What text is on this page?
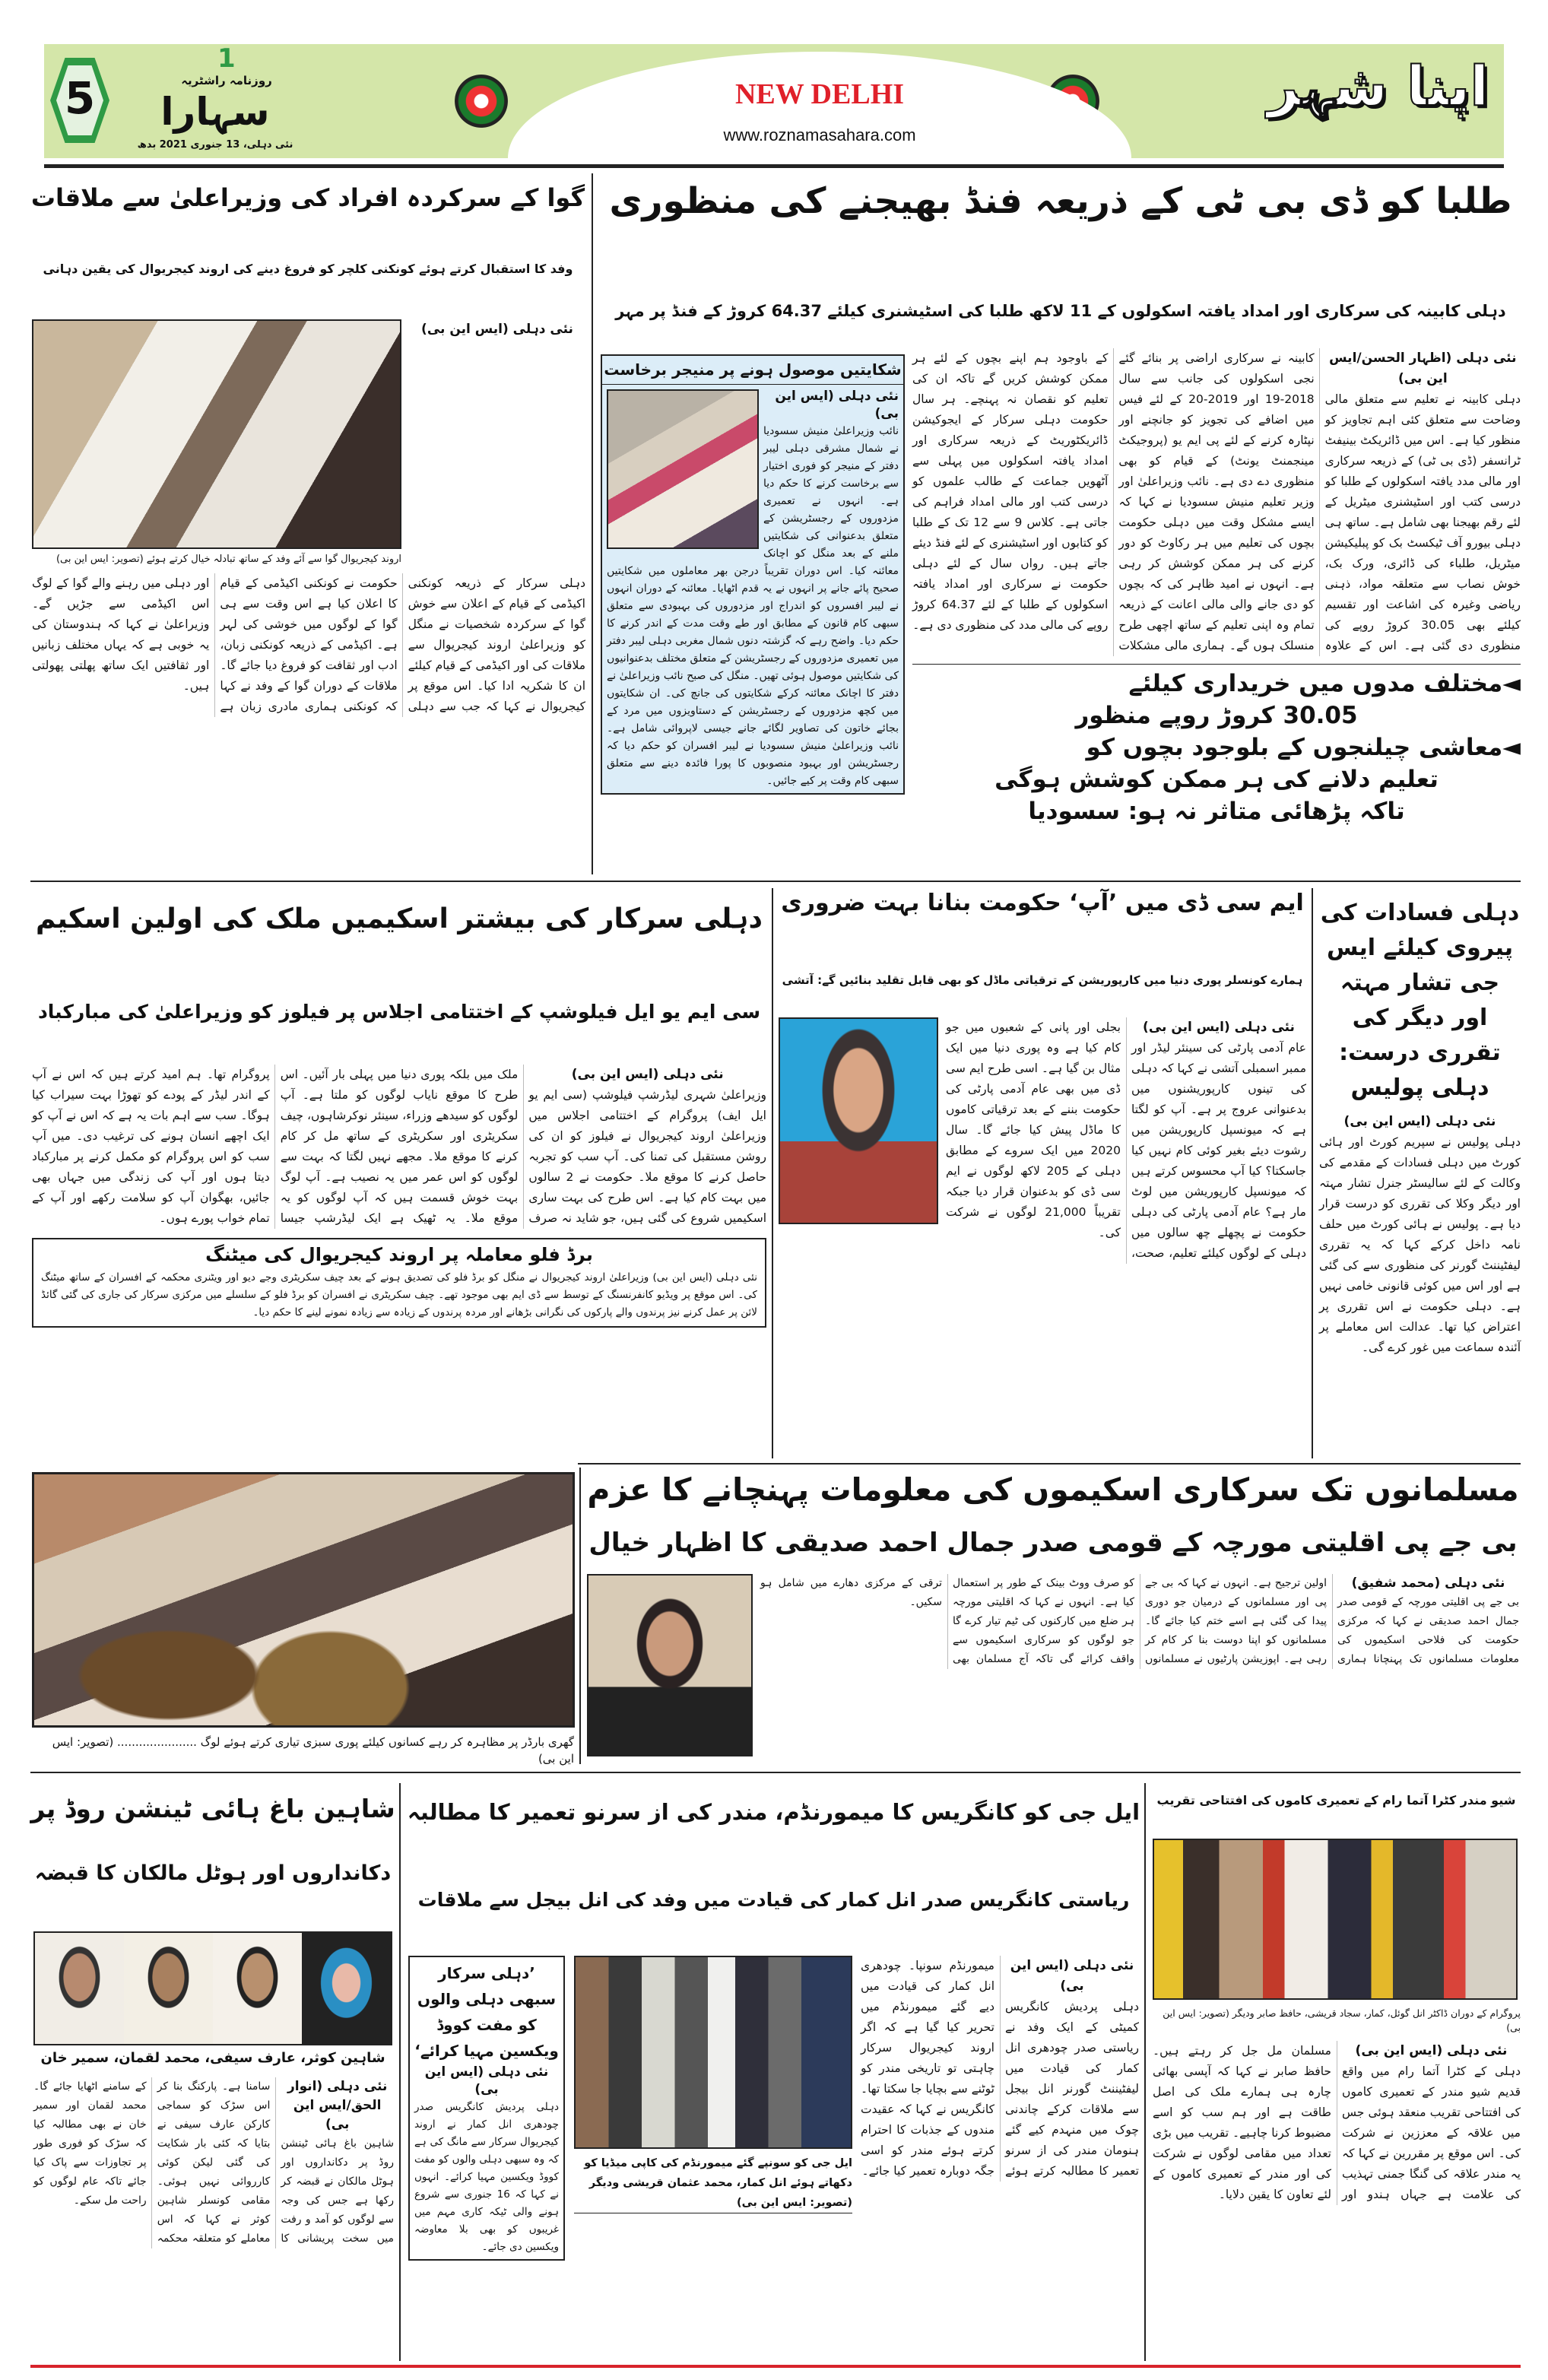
5
1
روزنامہ راشٹریہ
سہارا
نئی دہلی، 13 جنوری 2021 بدھ
NEW DELHI
www.roznamasahara.com
اپنا شہر
گوا کے سرکردہ افراد کی وزیراعلیٰ سے ملاقات
وفد کا استقبال کرتے ہوئے کونکنی کلچر کو فروغ دینے کی اروند کیجریوال کی یقین دہانی
اروند کیجریوال گوا سے آئے وفد کے ساتھ تبادلہ خیال کرتے ہوئے (تصویر: ایس این بی)
نئی دہلی (ایس این بی)
دہلی سرکار کے ذریعہ کونکنی اکیڈمی کے قیام کے اعلان سے خوش گوا کے سرکردہ شخصیات نے منگل کو وزیراعلیٰ اروند کیجریوال سے ملاقات کی اور اکیڈمی کے قیام کیلئے ان کا شکریہ ادا کیا۔ اس موقع پر کیجریوال نے کہا کہ جب سے دہلی حکومت نے کونکنی اکیڈمی کے قیام کا اعلان کیا ہے اس وقت سے ہی گوا کے لوگوں میں خوشی کی لہر ہے۔ اکیڈمی کے ذریعہ کونکنی زبان، ادب اور ثقافت کو فروغ دیا جائے گا۔ ملاقات کے دوران گوا کے وفد نے کہا کہ کونکنی ہماری مادری زبان ہے اور دہلی میں رہنے والے گوا کے لوگ اس اکیڈمی سے جڑیں گے۔ وزیراعلیٰ نے کہا کہ ہندوستان کی یہ خوبی ہے کہ یہاں مختلف زبانیں اور ثقافتیں ایک ساتھ پھلتی پھولتی ہیں۔
طلبا کو ڈی بی ٹی کے ذریعہ فنڈ بھیجنے کی منظوری
دہلی کابینہ کی سرکاری اور امداد یافتہ اسکولوں کے 11 لاکھ طلبا کی اسٹیشنری کیلئے 64.37 کروڑ کے فنڈ پر مہر
شکایتیں موصول ہونے پر منیجر برخاست
نئی دہلی (ایس این بی)
نائب وزیراعلیٰ منیش سسودیا نے شمال مشرقی دہلی لیبر دفتر کے منیجر کو فوری اختیار سے برخاست کرنے کا حکم دیا ہے۔ انہوں نے تعمیری مزدوروں کے رجسٹریشن کے متعلق بدعنوانی کی شکایتیں ملنے کے بعد منگل کو اچانک معائنہ کیا۔ اس دوران تقریباً درجن بھر معاملوں میں شکایتیں صحیح پائے جانے پر انہوں نے یہ قدم اٹھایا۔ معائنہ کے دوران انہوں نے لیبر افسروں کو اندراج اور مزدوروں کی بہبودی سے متعلق سبھی کام قانون کے مطابق اور طے وقت مدت کے اندر کرنے کا حکم دیا۔ واضح رہے کہ گزشتہ دنوں شمال مغربی دہلی لیبر دفتر میں تعمیری مزدوروں کے رجسٹریشن کے متعلق مختلف بدعنوانیوں کی شکایتیں موصول ہوئی تھیں۔ منگل کی صبح نائب وزیراعلیٰ نے دفتر کا اچانک معائنہ کرکے شکایتوں کی جانچ کی۔ ان شکایتوں میں کچھ مزدوروں کے رجسٹریشن کے دستاویزوں میں مرد کے بجائے خاتون کی تصاویر لگائے جانے جیسی لاپروائی شامل ہے۔ نائب وزیراعلیٰ منیش سسودیا نے لیبر افسران کو حکم دیا کہ رجسٹریشن اور بہبود منصوبوں کا پورا فائدہ دینے سے متعلق سبھی کام وقت پر کیے جائیں۔
نئی دہلی (اظہار الحسن/ایس این بی)
دہلی کابینہ نے تعلیم سے متعلق مالی وضاحت سے متعلق کئی اہم تجاویز کو منظور کیا ہے۔ اس میں ڈائریکٹ بینیفٹ ٹرانسفر (ڈی بی ٹی) کے ذریعہ سرکاری اور مالی مدد یافتہ اسکولوں کے طلبا کو درسی کتب اور اسٹیشنری میٹریل کے لئے رقم بھیجنا بھی شامل ہے۔ ساتھ ہی دہلی بیورو آف ٹیکسٹ بک کو پبلیکیشن میٹریل، طلباء کی ڈائری، ورک بک، خوش نصاب سے متعلقہ مواد، ذہنی ریاضی وغیرہ کی اشاعت اور تقسیم کیلئے بھی 30.05 کروڑ روپے کی منظوری دی گئی ہے۔ اس کے علاوہ کابینہ نے سرکاری اراضی پر بنائے گئے نجی اسکولوں کی جانب سے سال 2018-19 اور 2019-20 کے لئے فیس میں اضافے کی تجویز کو جانچنے اور نپٹارہ کرنے کے لئے پی ایم یو (پروجیکٹ مینجمنٹ یونٹ) کے قیام کو بھی منظوری دے دی ہے۔ نائب وزیراعلیٰ اور وزیر تعلیم منیش سسودیا نے کہا کہ ایسے مشکل وقت میں دہلی حکومت بچوں کی تعلیم میں ہر رکاوٹ کو دور کرنے کی ہر ممکن کوشش کر رہی ہے۔ انہوں نے امید ظاہر کی کہ بچوں کو دی جانے والی مالی اعانت کے ذریعہ تمام وہ اپنی تعلیم کے ساتھ اچھی طرح منسلک ہوں گے۔ ہماری مالی مشکلات کے باوجود ہم اپنے بچوں کے لئے ہر ممکن کوشش کریں گے تاکہ ان کی تعلیم کو نقصان نہ پہنچے۔ ہر سال حکومت دہلی سرکار کے ایجوکیشن ڈائریکٹوریٹ کے ذریعہ سرکاری اور امداد یافتہ اسکولوں میں پہلی سے آٹھویں جماعت کے طالب علموں کو درسی کتب اور مالی امداد فراہم کی جاتی ہے۔ کلاس 9 سے 12 تک کے طلبا کو کتابوں اور اسٹیشنری کے لئے فنڈ دیئے جاتے ہیں۔ رواں سال کے لئے دہلی حکومت نے سرکاری اور امداد یافتہ اسکولوں کے طلبا کے لئے 64.37 کروڑ روپے کی مالی مدد کی منظوری دی ہے۔
◄مختلف مدوں میں خریداری کیلئے
30.05 کروڑ روپے منظور
◄معاشی چیلنجوں کے بلوجود بچوں کو
تعلیم دلانے کی ہر ممکن کوشش ہوگی
تاکہ پڑھائی متاثر نہ ہو: سسودیا
دہلی سرکار کی بیشتر اسکیمیں ملک کی اولین اسکیم
سی ایم یو ایل فیلوشپ کے اختتامی اجلاس پر فیلوز کو وزیراعلیٰ کی مبارکباد
نئی دہلی (ایس این بی)
وزیراعلیٰ شہری لیڈرشپ فیلوشپ (سی ایم یو ایل ایف) پروگرام کے اختتامی اجلاس میں وزیراعلیٰ اروند کیجریوال نے فیلوز کو ان کی روشن مستقبل کی تمنا کی۔ آپ سب کو تجربہ حاصل کرنے کا موقع ملا۔ حکومت نے 2 سالوں میں بہت کام کیا ہے۔ اس طرح کی بہت ساری اسکیمیں شروع کی گئی ہیں، جو شاید نہ صرف ملک میں بلکہ پوری دنیا میں پہلی بار آئیں۔ اس طرح کا موقع نایاب لوگوں کو ملتا ہے۔ آپ لوگوں کو سیدھے وزراء، سینئر نوکرشاہوں، چیف سکریٹری اور سکریٹری کے ساتھ مل کر کام کرنے کا موقع ملا۔ مجھے نہیں لگتا کہ بہت سے لوگوں کو اس عمر میں یہ نصیب ہے۔ آپ لوگ بہت خوش قسمت ہیں کہ آپ لوگوں کو یہ موقع ملا۔ یہ ٹھیک ہے ایک لیڈرشپ جیسا پروگرام تھا۔ ہم امید کرتے ہیں کہ اس نے آپ کے اندر لیڈر کے پودے کو تھوڑا بہت سیراب کیا ہوگا۔ سب سے اہم بات یہ ہے کہ اس نے آپ کو ایک اچھے انسان ہونے کی ترغیب دی۔ میں آپ سب کو اس پروگرام کو مکمل کرنے پر مبارکباد دیتا ہوں اور آپ کی زندگی میں جہاں بھی جائیں، بھگوان آپ کو سلامت رکھے اور آپ کے تمام خواب پورے ہوں۔
برڈ فلو معاملہ پر اروند کیجریوال کی میٹنگ
نئی دہلی (ایس این بی) وزیراعلیٰ اروند کیجریوال نے منگل کو برڈ فلو کی تصدیق ہونے کے بعد چیف سکریٹری وجے دیو اور ویٹنری محکمہ کے افسران کے ساتھ میٹنگ کی۔ اس موقع پر ویڈیو کانفرنسنگ کے توسط سے ڈی ایم بھی موجود تھے۔ چیف سکریٹری نے افسران کو برڈ فلو کے سلسلے میں مرکزی سرکار کی جاری کی گئی گائڈ لائن پر عمل کرنے نیز پرندوں والے پارکوں کی نگرانی بڑھانے اور مردہ پرندوں کے زیادہ سے زیادہ نمونے لینے کا حکم دیا۔
ایم سی ڈی میں ’آپ‘ حکومت بنانا بہت ضروری
ہمارے کونسلر پوری دنیا میں کارپوریشن کے ترقیاتی ماڈل کو بھی قابل تقلید بنائیں گے: آتشی
نئی دہلی (ایس این بی)
عام آدمی پارٹی کی سینئر لیڈر اور ممبر اسمبلی آتشی نے کہا کہ دہلی کی تینوں کارپوریشنوں میں بدعنوانی عروج پر ہے۔ آپ کو لگتا ہے کہ میونسپل کارپوریشن میں رشوت دیئے بغیر کوئی کام نہیں کیا جاسکتا؟ کیا آپ محسوس کرتے ہیں کہ میونسپل کارپوریشن میں لوٹ مار ہے؟ عام آدمی پارٹی کی دہلی حکومت نے پچھلے چھ سالوں میں دہلی کے لوگوں کیلئے تعلیم، صحت، بجلی اور پانی کے شعبوں میں جو کام کیا ہے وہ پوری دنیا میں ایک مثال بن گیا ہے۔ اسی طرح ایم سی ڈی میں بھی عام آدمی پارٹی کی حکومت بننے کے بعد ترقیاتی کاموں کا ماڈل پیش کیا جائے گا۔ سال 2020 میں ایک سروے کے مطابق دہلی کے 205 لاکھ لوگوں نے ایم سی ڈی کو بدعنوان قرار دیا جبکہ تقریباً 21,000 لوگوں نے شرکت کی۔
دہلی فسادات کی پیروی کیلئے ایس جی تشار مہتہ اور دیگر کی تقرری درست: دہلی پولیس
نئی دہلی (ایس این بی)
دہلی پولیس نے سپریم کورٹ اور ہائی کورٹ میں دہلی فسادات کے مقدمے کی وکالت کے لئے سالیسٹر جنرل تشار مہتہ اور دیگر وکلا کی تقرری کو درست قرار دیا ہے۔ پولیس نے ہائی کورٹ میں حلف نامہ داخل کرکے کہا کہ یہ تقرری لیفٹیننٹ گورنر کی منظوری سے کی گئی ہے اور اس میں کوئی قانونی خامی نہیں ہے۔ دہلی حکومت نے اس تقرری پر اعتراض کیا تھا۔ عدالت اس معاملے پر آئندہ سماعت میں غور کرے گی۔
گھری بارڈر پر مظاہرہ کر رہے کسانوں کیلئے پوری سبزی تیاری کرتے ہوئے لوگ ...................... (تصویر: ایس این بی)
مسلمانوں تک سرکاری اسکیموں کی معلومات پہنچانے کا عزم
بی جے پی اقلیتی مورچہ کے قومی صدر جمال احمد صدیقی کا اظہار خیال
نئی دہلی (محمد شفیق)
بی جے پی اقلیتی مورچہ کے قومی صدر جمال احمد صدیقی نے کہا کہ مرکزی حکومت کی فلاحی اسکیموں کی معلومات مسلمانوں تک پہنچانا ہماری اولین ترجیح ہے۔ انہوں نے کہا کہ بی جے پی اور مسلمانوں کے درمیان جو دوری پیدا کی گئی ہے اسے ختم کیا جائے گا۔ مسلمانوں کو اپنا دوست بنا کر کام کر رہی ہے۔ اپوزیشن پارٹیوں نے مسلمانوں کو صرف ووٹ بینک کے طور پر استعمال کیا ہے۔ انہوں نے کہا کہ اقلیتی مورچہ ہر ضلع میں کارکنوں کی ٹیم تیار کرے گا جو لوگوں کو سرکاری اسکیموں سے واقف کرائے گی تاکہ آج مسلمان بھی ترقی کے مرکزی دھارے میں شامل ہو سکیں۔
شاہین باغ ہائی ٹینشن روڈ پر
دکانداروں اور ہوٹل مالکان کا قبضہ
شاہین کوثر، عارف سیفی، محمد لقمان، سمیر خان
نئی دہلی (انوار الحق/ایس این بی)
شاہین باغ ہائی ٹینشن روڈ پر دکانداروں اور ہوٹل مالکان نے قبضہ کر رکھا ہے جس کی وجہ سے لوگوں کو آمد و رفت میں سخت پریشانی کا سامنا ہے۔ پارکنگ بنا کر اس سڑک کو سماجی کارکن عارف سیفی نے بتایا کہ کئی بار شکایت کی گئی لیکن کوئی کارروائی نہیں ہوئی۔ مقامی کونسلر شاہین کوثر نے کہا کہ اس معاملے کو متعلقہ محکمہ کے سامنے اٹھایا جائے گا۔ محمد لقمان اور سمیر خان نے بھی مطالبہ کیا کہ سڑک کو فوری طور پر تجاوزات سے پاک کیا جائے تاکہ عام لوگوں کو راحت مل سکے۔
ایل جی کو کانگریس کا میمورنڈم، مندر کی از سرنو تعمیر کا مطالبہ
ریاستی کانگریس صدر انل کمار کی قیادت میں وفد کی انل بیجل سے ملاقات
’دہلی سرکار سبھی دہلی والوں کو مفت کووڈ ویکسین مہیا کرائے‘
نئی دہلی (ایس این بی)
دہلی پردیش کانگریس صدر چودھری انل کمار نے اروند کیجریوال سرکار سے مانگ کی ہے کہ وہ سبھی دہلی والوں کو مفت کووڈ ویکسین مہیا کرائے۔ انہوں نے کہا کہ 16 جنوری سے شروع ہونے والی ٹیکہ کاری مہم میں غریبوں کو بھی بلا معاوضہ ویکسین دی جائے۔
ایل جی کو سونپے گئے میمورنڈم کی کاپی میڈیا کو دکھاتے ہوئے انل کمار، محمد عثمان قریشی ودیگر (تصویر: ایس این بی)
نئی دہلی (ایس این بی)
دہلی پردیش کانگریس کمیٹی کے ایک وفد نے ریاستی صدر چودھری انل کمار کی قیادت میں لیفٹیننٹ گورنر انل بیجل سے ملاقات کرکے چاندنی چوک میں منہدم کیے گئے ہنومان مندر کی از سرنو تعمیر کا مطالبہ کرتے ہوئے میمورنڈم سونپا۔ چودھری انل کمار کی قیادت میں دیے گئے میمورنڈم میں تحریر کیا گیا ہے کہ اگر اروند کیجریوال سرکار چاہتی تو تاریخی مندر کو ٹوٹنے سے بچایا جا سکتا تھا۔ کانگریس نے کہا کہ عقیدت مندوں کے جذبات کا احترام کرتے ہوئے مندر کو اسی جگہ دوبارہ تعمیر کیا جائے۔
شیو مندر کٹرا آتما رام کے تعمیری کاموں کی افتتاحی تقریب
پروگرام کے دوران ڈاکٹر انل گوئل، کمار، سجاد قریشی، حافظ صابر ودیگر (تصویر: ایس این بی)
نئی دہلی (ایس این بی)
دہلی کے کٹرا آتما رام میں واقع قدیم شیو مندر کے تعمیری کاموں کی افتتاحی تقریب منعقد ہوئی جس میں علاقہ کے معززین نے شرکت کی۔ اس موقع پر مقررین نے کہا کہ یہ مندر علاقہ کی گنگا جمنی تہذیب کی علامت ہے جہاں ہندو اور مسلمان مل جل کر رہتے ہیں۔ حافظ صابر نے کہا کہ آپسی بھائی چارہ ہی ہمارے ملک کی اصل طاقت ہے اور ہم سب کو اسے مضبوط کرنا چاہیے۔ تقریب میں بڑی تعداد میں مقامی لوگوں نے شرکت کی اور مندر کے تعمیری کاموں کے لئے تعاون کا یقین دلایا۔
